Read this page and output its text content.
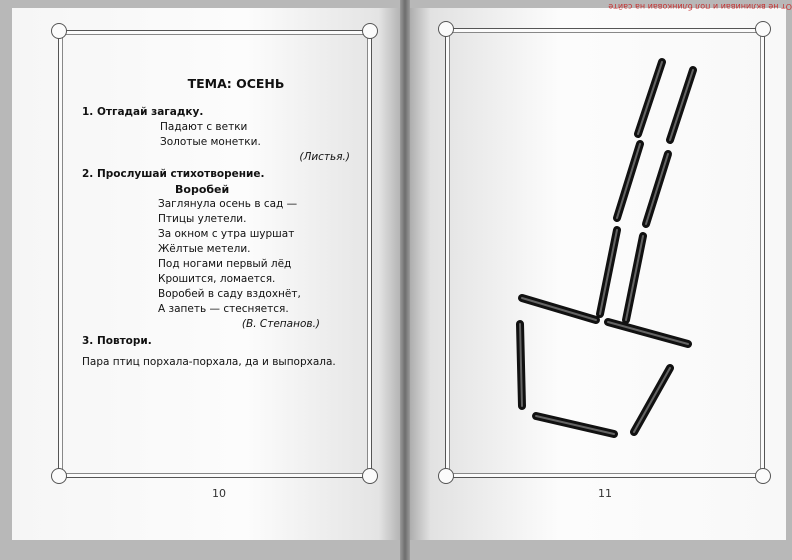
От не вклиниваи и пол блинковаи на сайте
ТЕМА: ОСЕНЬ
1. Отгадай загадку.
Падают с ветки
Золотые монетки.
(Листья.)
2. Прослушай стихотворение.
Воробей
Заглянула осень в сад —
Птицы улетели.
За окном с утра шуршат
Жёлтые метели.
Под ногами первый лёд
Крошится, ломается.
Воробей в саду вздохнёт,
А запеть — стесняется.
(В. Степанов.)
3. Повтори.
Пара птиц порхала-порхала, да и выпорхала.
10	11
